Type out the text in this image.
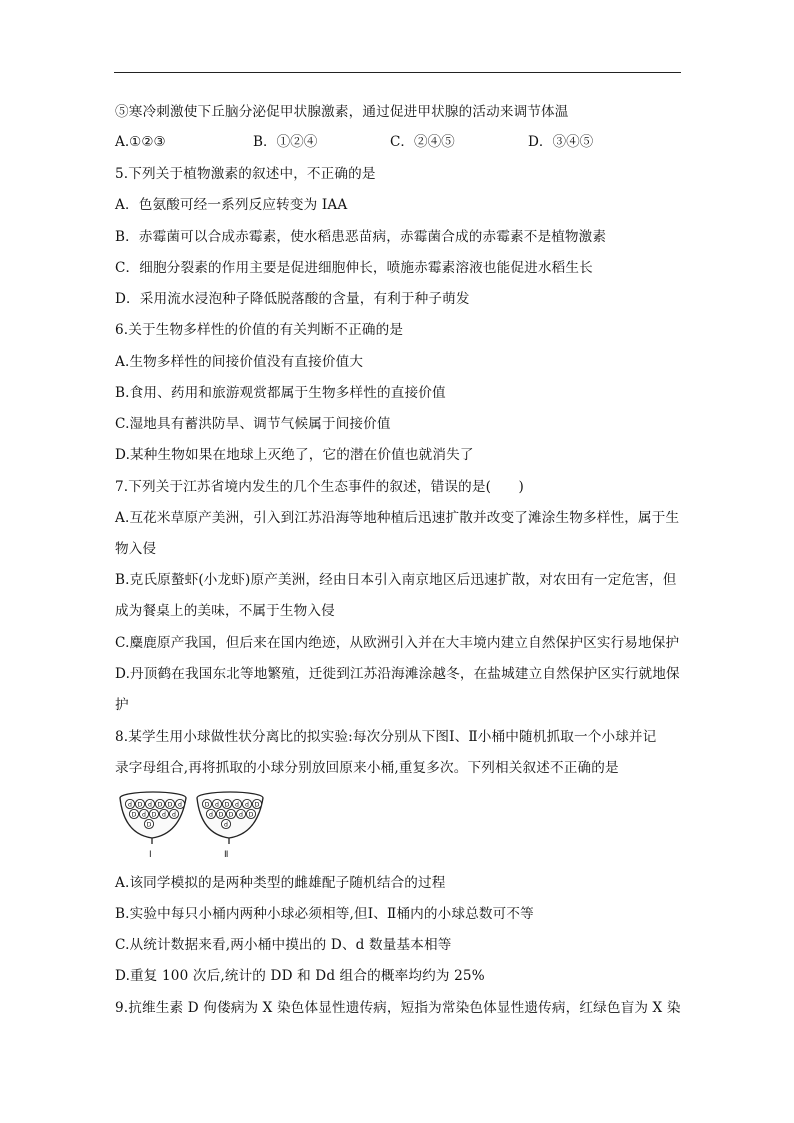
⑤寒冷刺激使下丘脑分泌促甲状腺激素，通过促进甲状腺的活动来调节体温
A.①②③	B．①②④	C．②④⑤	D．③④⑤
5.下列关于植物激素的叙述中，不正确的是
A．色氨酸可经一系列反应转变为 IAA
B．赤霉菌可以合成赤霉素，使水稻患恶苗病，赤霉菌合成的赤霉素不是植物激素
C．细胞分裂素的作用主要是促进细胞伸长，喷施赤霉素溶液也能促进水稻生长
D．采用流水浸泡种子降低脱落酸的含量，有利于种子萌发
6.关于生物多样性的价值的有关判断不正确的是
A.生物多样性的间接价值没有直接价值大
B.食用、药用和旅游观赏都属于生物多样性的直接价值
C.湿地具有蓄洪防旱、调节气候属于间接价值
D.某种生物如果在地球上灭绝了，它的潜在价值也就消失了
7.下列关于江苏省境内发生的几个生态事件的叙述，错误的是(　　)
A.互花米草原产美洲，引入到江苏沿海等地种植后迅速扩散并改变了滩涂生物多样性，属于生
物入侵
B.克氏原螯虾(小龙虾)原产美洲，经由日本引入南京地区后迅速扩散，对农田有一定危害，但
成为餐桌上的美味，不属于生物入侵
C.麋鹿原产我国，但后来在国内绝迹，从欧洲引入并在大丰境内建立自然保护区实行易地保护
D.丹顶鹤在我国东北等地繁殖，迁徙到江苏沿海滩涂越冬，在盐城建立自然保护区实行就地保
护
8.某学生用小球做性状分离比的拟实验:每次分别从下图Ⅰ、Ⅱ小桶中随机抓取一个小球并记
录字母组合,再将抓取的小球分别放回原来小桶,重复多次。下列相关叙述不正确的是
d D d D D d
D d D d d
D
Ⅰ
D d D d d D
d D D d D
d
Ⅱ
A.该同学模拟的是两种类型的雌雄配子随机结合的过程
B.实验中每只小桶内两种小球必须相等,但Ⅰ、Ⅱ桶内的小球总数可不等
C.从统计数据来看,两小桶中摸出的 D、d 数量基本相等
D.重复 100 次后,统计的 DD 和 Dd 组合的概率均约为 25%
9.抗维生素 D 佝偻病为 X 染色体显性遗传病，短指为常染色体显性遗传病，红绿色盲为 X 染
